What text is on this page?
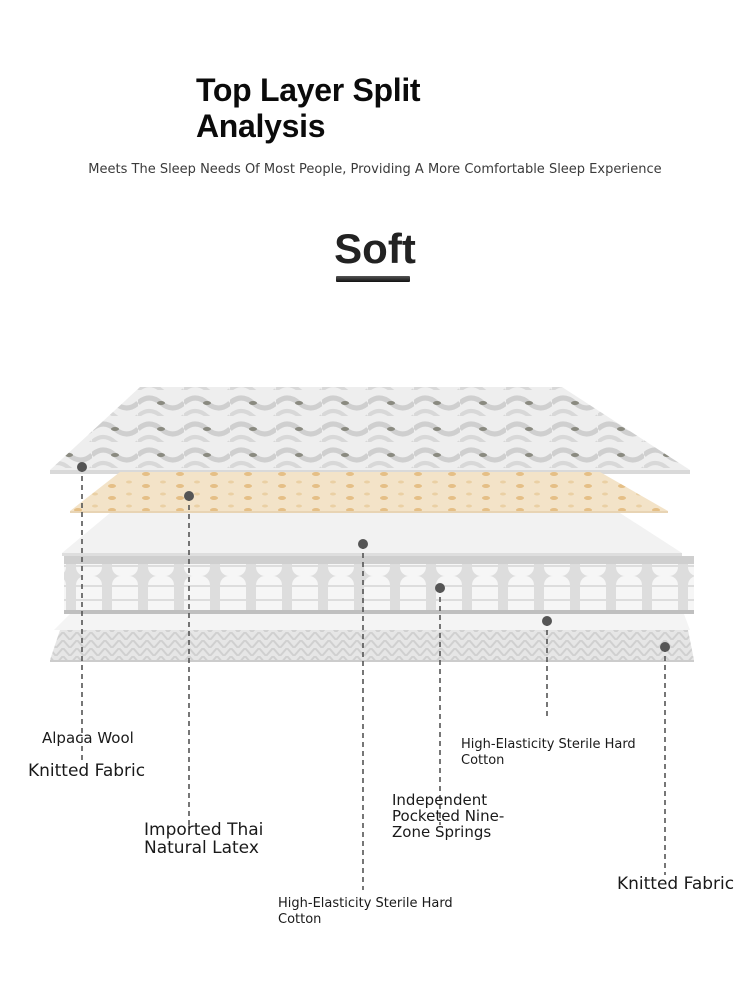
Top Layer Split Analysis
Meets The Sleep Needs Of Most People, Providing A More Comfortable Sleep Experience
Soft
Alpaca Wool
Knitted Fabric
Imported Thai Natural Latex
High-Elasticity Sterile Hard Cotton
Independent Pocketed Nine-Zone Springs
High-Elasticity Sterile Hard Cotton
Knitted Fabric
